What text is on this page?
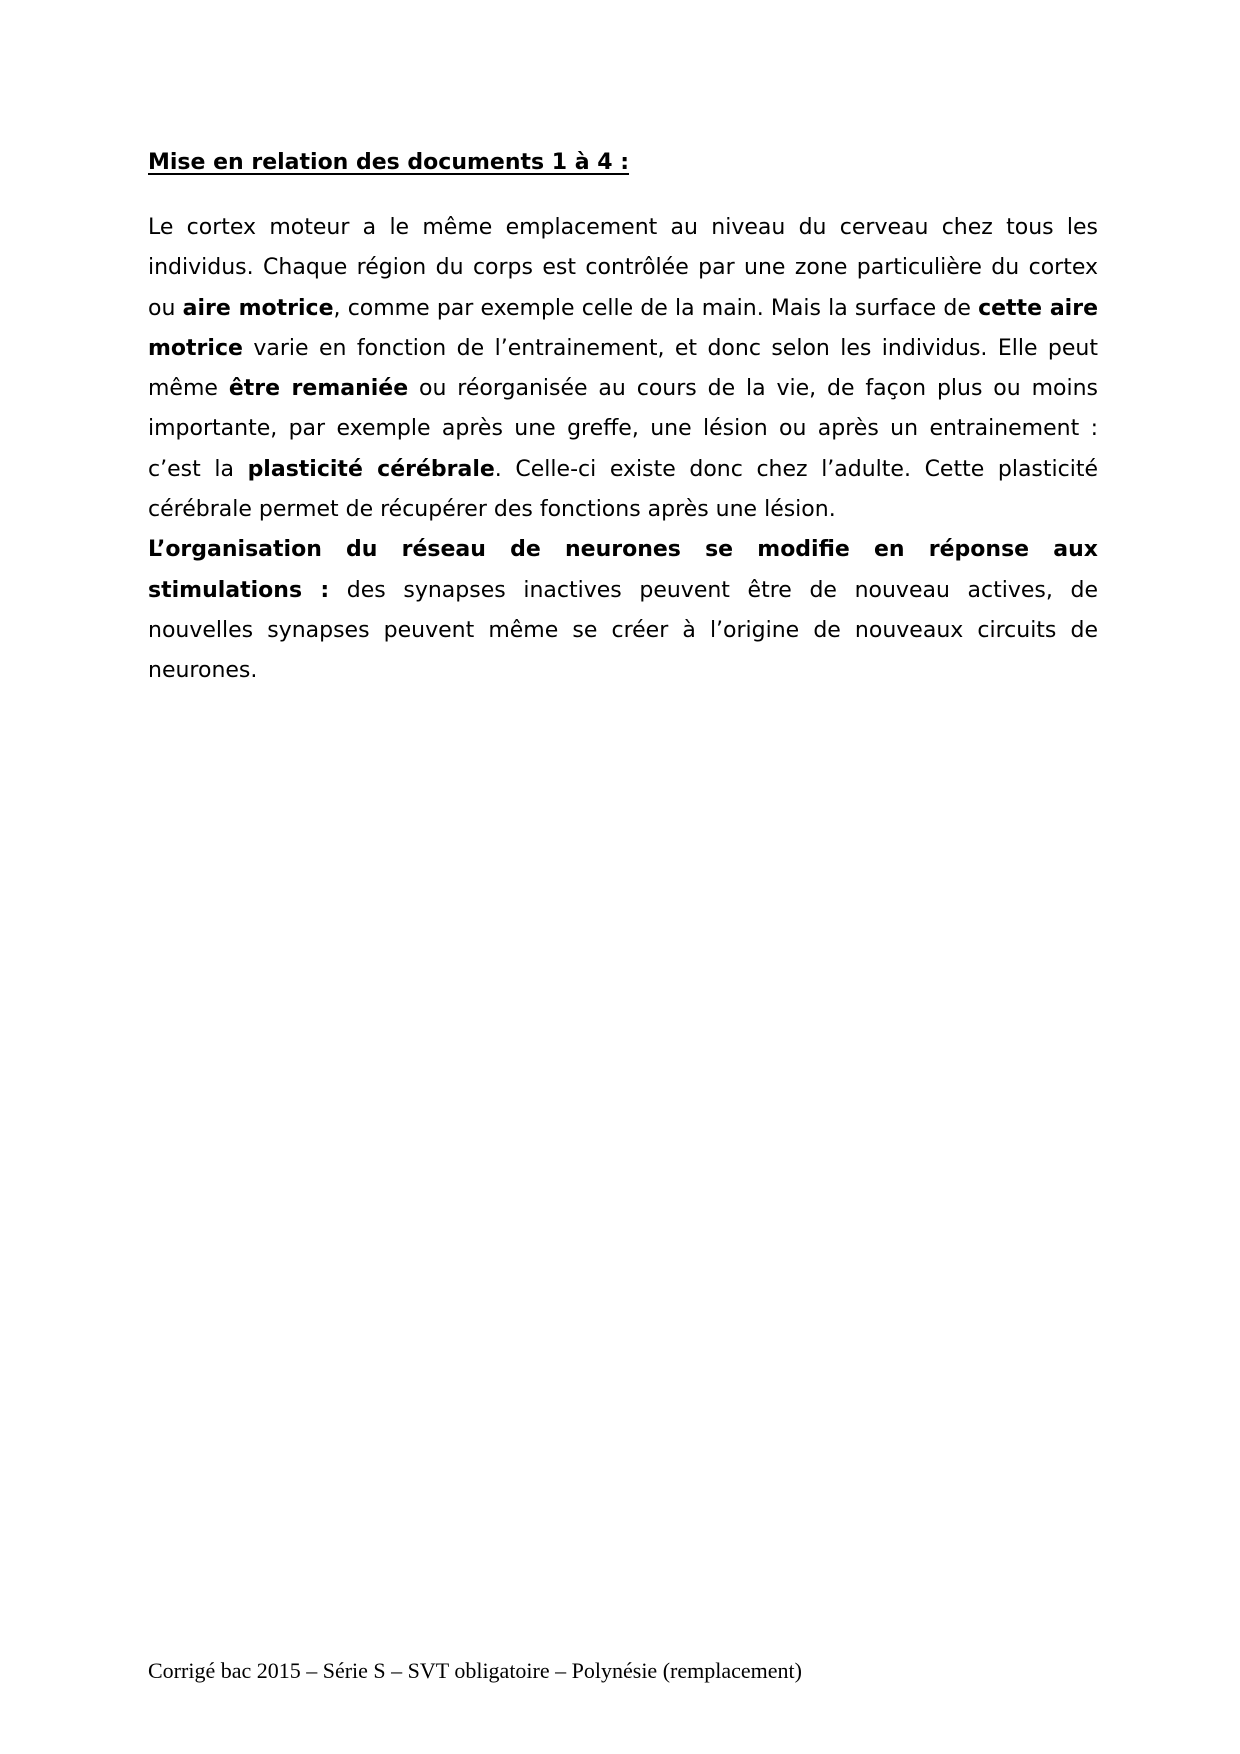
Mise en relation des documents 1 à 4 :

Le cortex moteur a le même emplacement au niveau du cerveau chez tous les individus. Chaque région du corps est contrôlée par une zone particulière du cortex ou aire motrice, comme par exemple celle de la main. Mais la surface de cette aire motrice varie en fonction de l’entrainement, et donc selon les individus. Elle peut même être remaniée ou réorganisée au cours de la vie, de façon plus ou moins importante, par exemple après une greffe, une lésion ou après un entrainement : c’est la plasticité cérébrale. Celle-ci existe donc chez l’adulte. Cette plasticité cérébrale permet de récupérer des fonctions après une lésion.

L’organisation du réseau de neurones se modifie en réponse aux stimulations : des synapses inactives peuvent être de nouveau actives, de nouvelles synapses peuvent même se créer à l’origine de nouveaux circuits de neurones.

Corrigé bac 2015 – Série S – SVT obligatoire – Polynésie (remplacement)
